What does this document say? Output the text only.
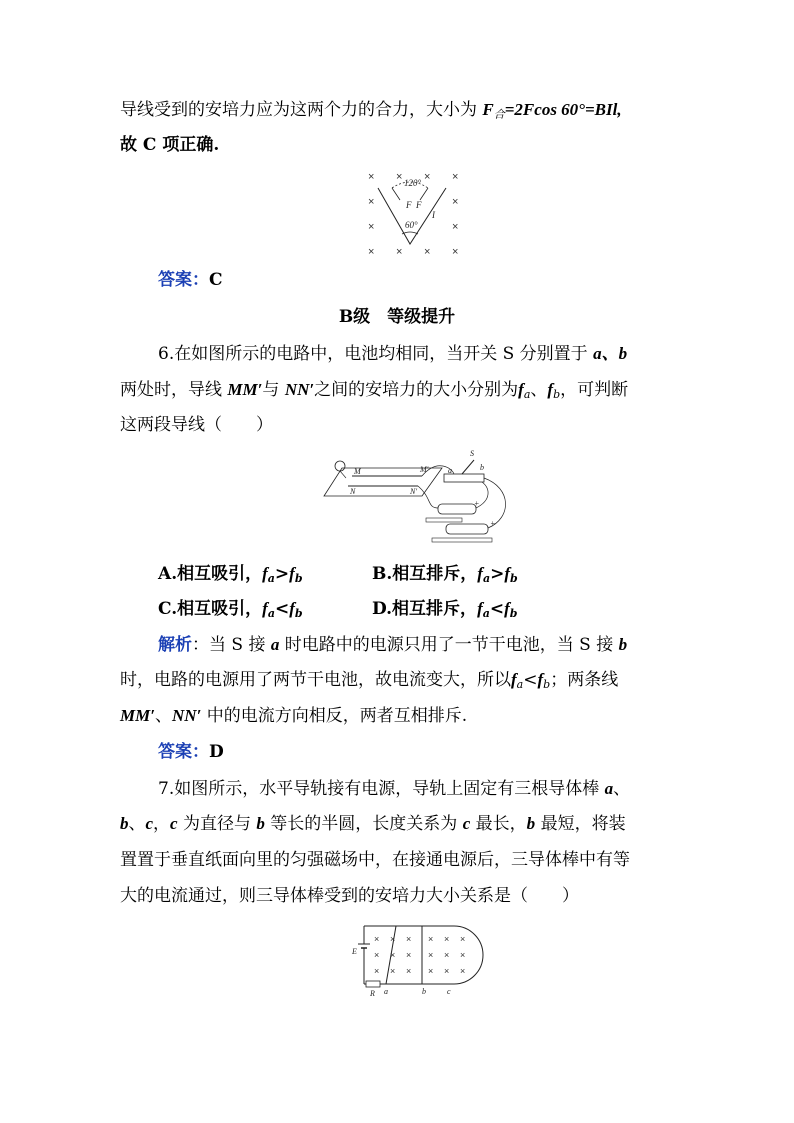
导线受到的安培力应为这两个力的合力，大小为 $F_合=2Fcos$ 60°=BIl,
故 C 项正确.
× × × ×
×	×
×	×
× × × ×
120°
F F
60°
I
答案：C
B级　等级提升
6.在如图所示的电路中，电池均相同，当开关 S 分别置于 a、b
两处时，导线 MM′与 NN′之间的安培力的大小分别为$f_a$、$f_b$，可判断
这两段导线（　　）
M	M′
N	N′
S
a	b
+
+
A.相互吸引，$f_a>f_b$	B.相互排斥，$f_a>f_b$
C.相互吸引，$f_a<f_b$	D.相互排斥，$f_a<f_b$
解析：当 S 接 a 时电路中的电源只用了一节干电池，当 S 接 b
时，电路的电源用了两节干电池，故电流变大，所以$f_a<f_b$；两条线
MM′、NN′ 中的电流方向相反，两者互相排斥.
答案：D
7.如图所示，水平导轨接有电源，导轨上固定有三根导体棒 a、
b、c，c 为直径与 b 等长的半圆，长度关系为 c 最长，b 最短，将装
置置于垂直纸面向里的匀强磁场中，在接通电源后，三导体棒中有等
大的电流通过，则三导体棒受到的安培力大小关系是（　　）
× × × × × ×
× × × × × ×
× × × × × ×
E
R a	b	c
